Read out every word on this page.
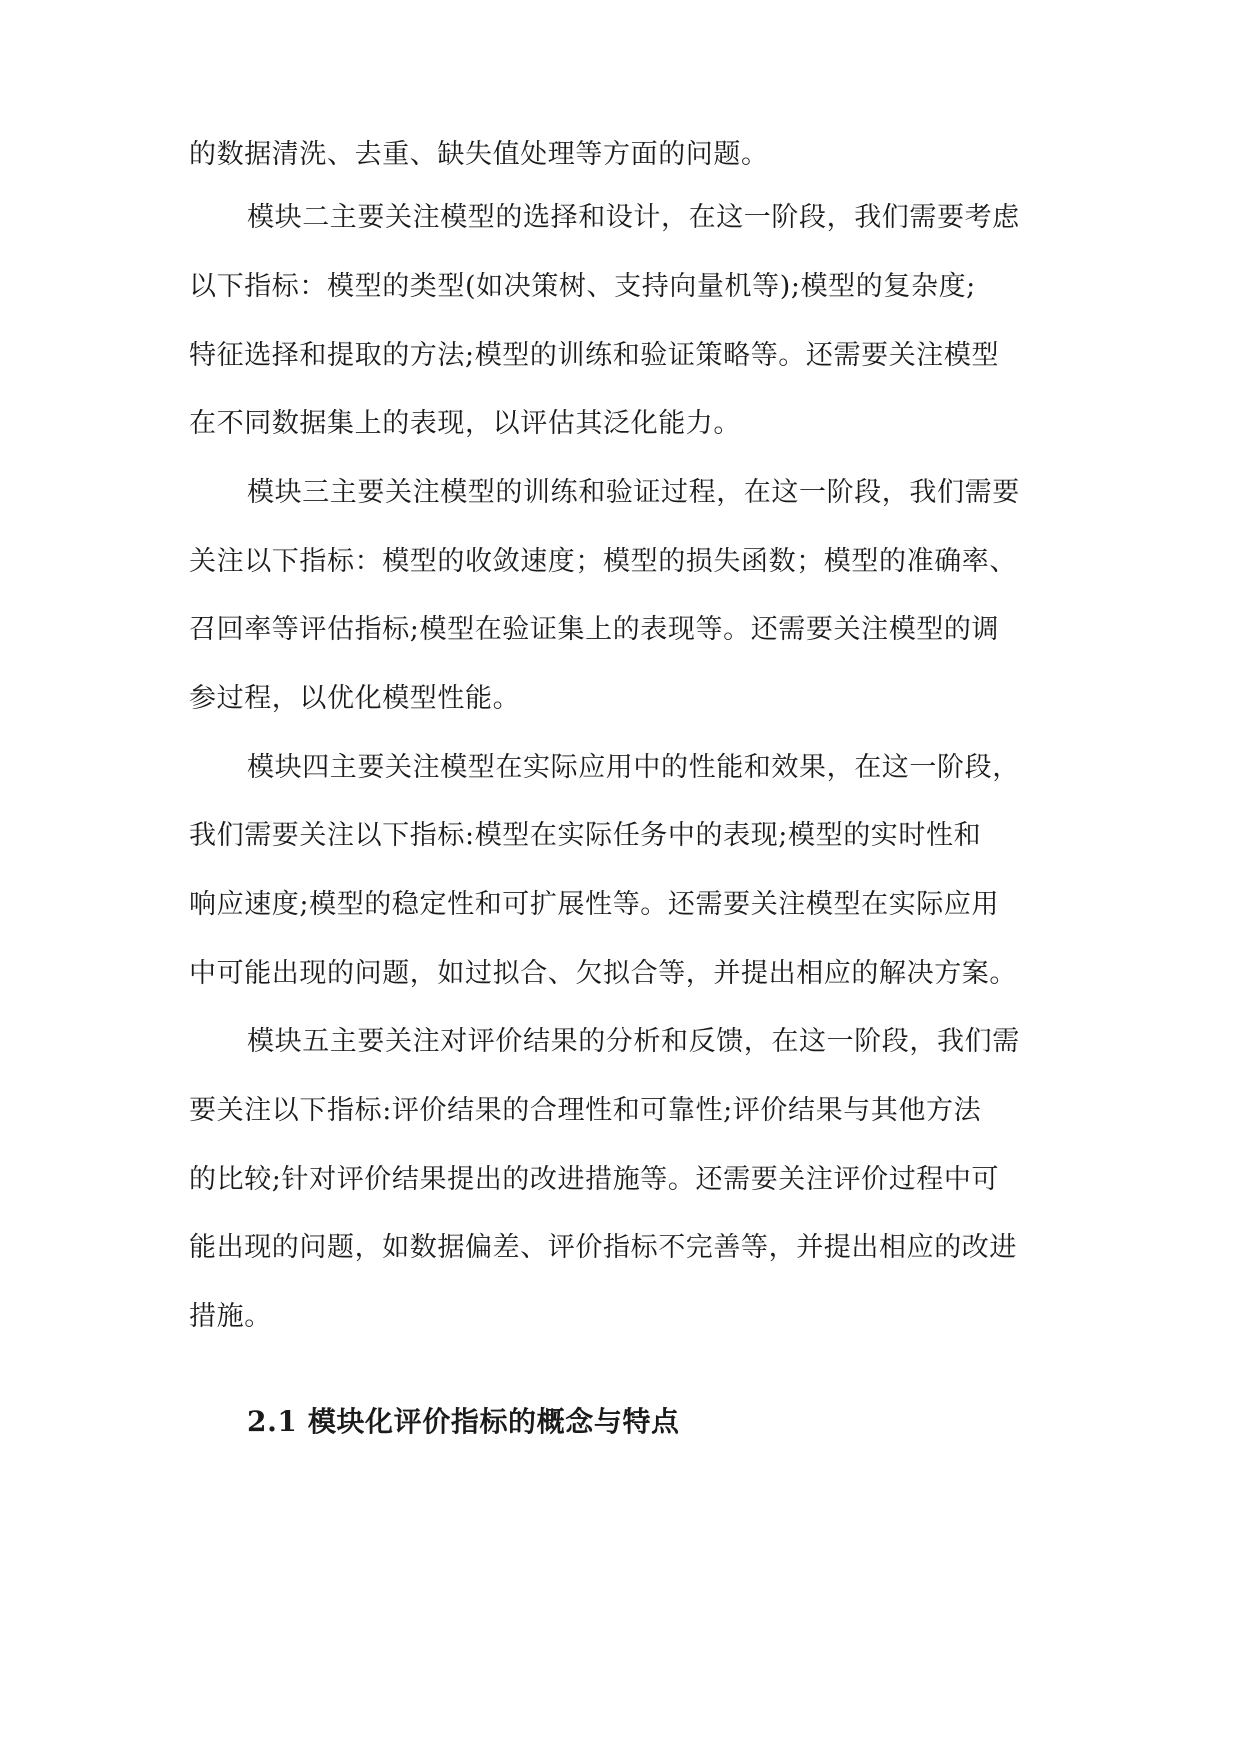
的数据清洗、去重、缺失值处理等方面的问题。
模块二主要关注模型的选择和设计，在这一阶段，我们需要考虑
以下指标：模型的类型(如决策树、支持向量机等);模型的复杂度;
特征选择和提取的方法;模型的训练和验证策略等。还需要关注模型
在不同数据集上的表现，以评估其泛化能力。
模块三主要关注模型的训练和验证过程，在这一阶段，我们需要
关注以下指标：模型的收敛速度；模型的损失函数；模型的准确率、
召回率等评估指标;模型在验证集上的表现等。还需要关注模型的调
参过程，以优化模型性能。
模块四主要关注模型在实际应用中的性能和效果，在这一阶段，
我们需要关注以下指标:模型在实际任务中的表现;模型的实时性和
响应速度;模型的稳定性和可扩展性等。还需要关注模型在实际应用
中可能出现的问题，如过拟合、欠拟合等，并提出相应的解决方案。
模块五主要关注对评价结果的分析和反馈，在这一阶段，我们需
要关注以下指标:评价结果的合理性和可靠性;评价结果与其他方法
的比较;针对评价结果提出的改进措施等。还需要关注评价过程中可
能出现的问题，如数据偏差、评价指标不完善等，并提出相应的改进
措施。
2.1 模块化评价指标的概念与特点
